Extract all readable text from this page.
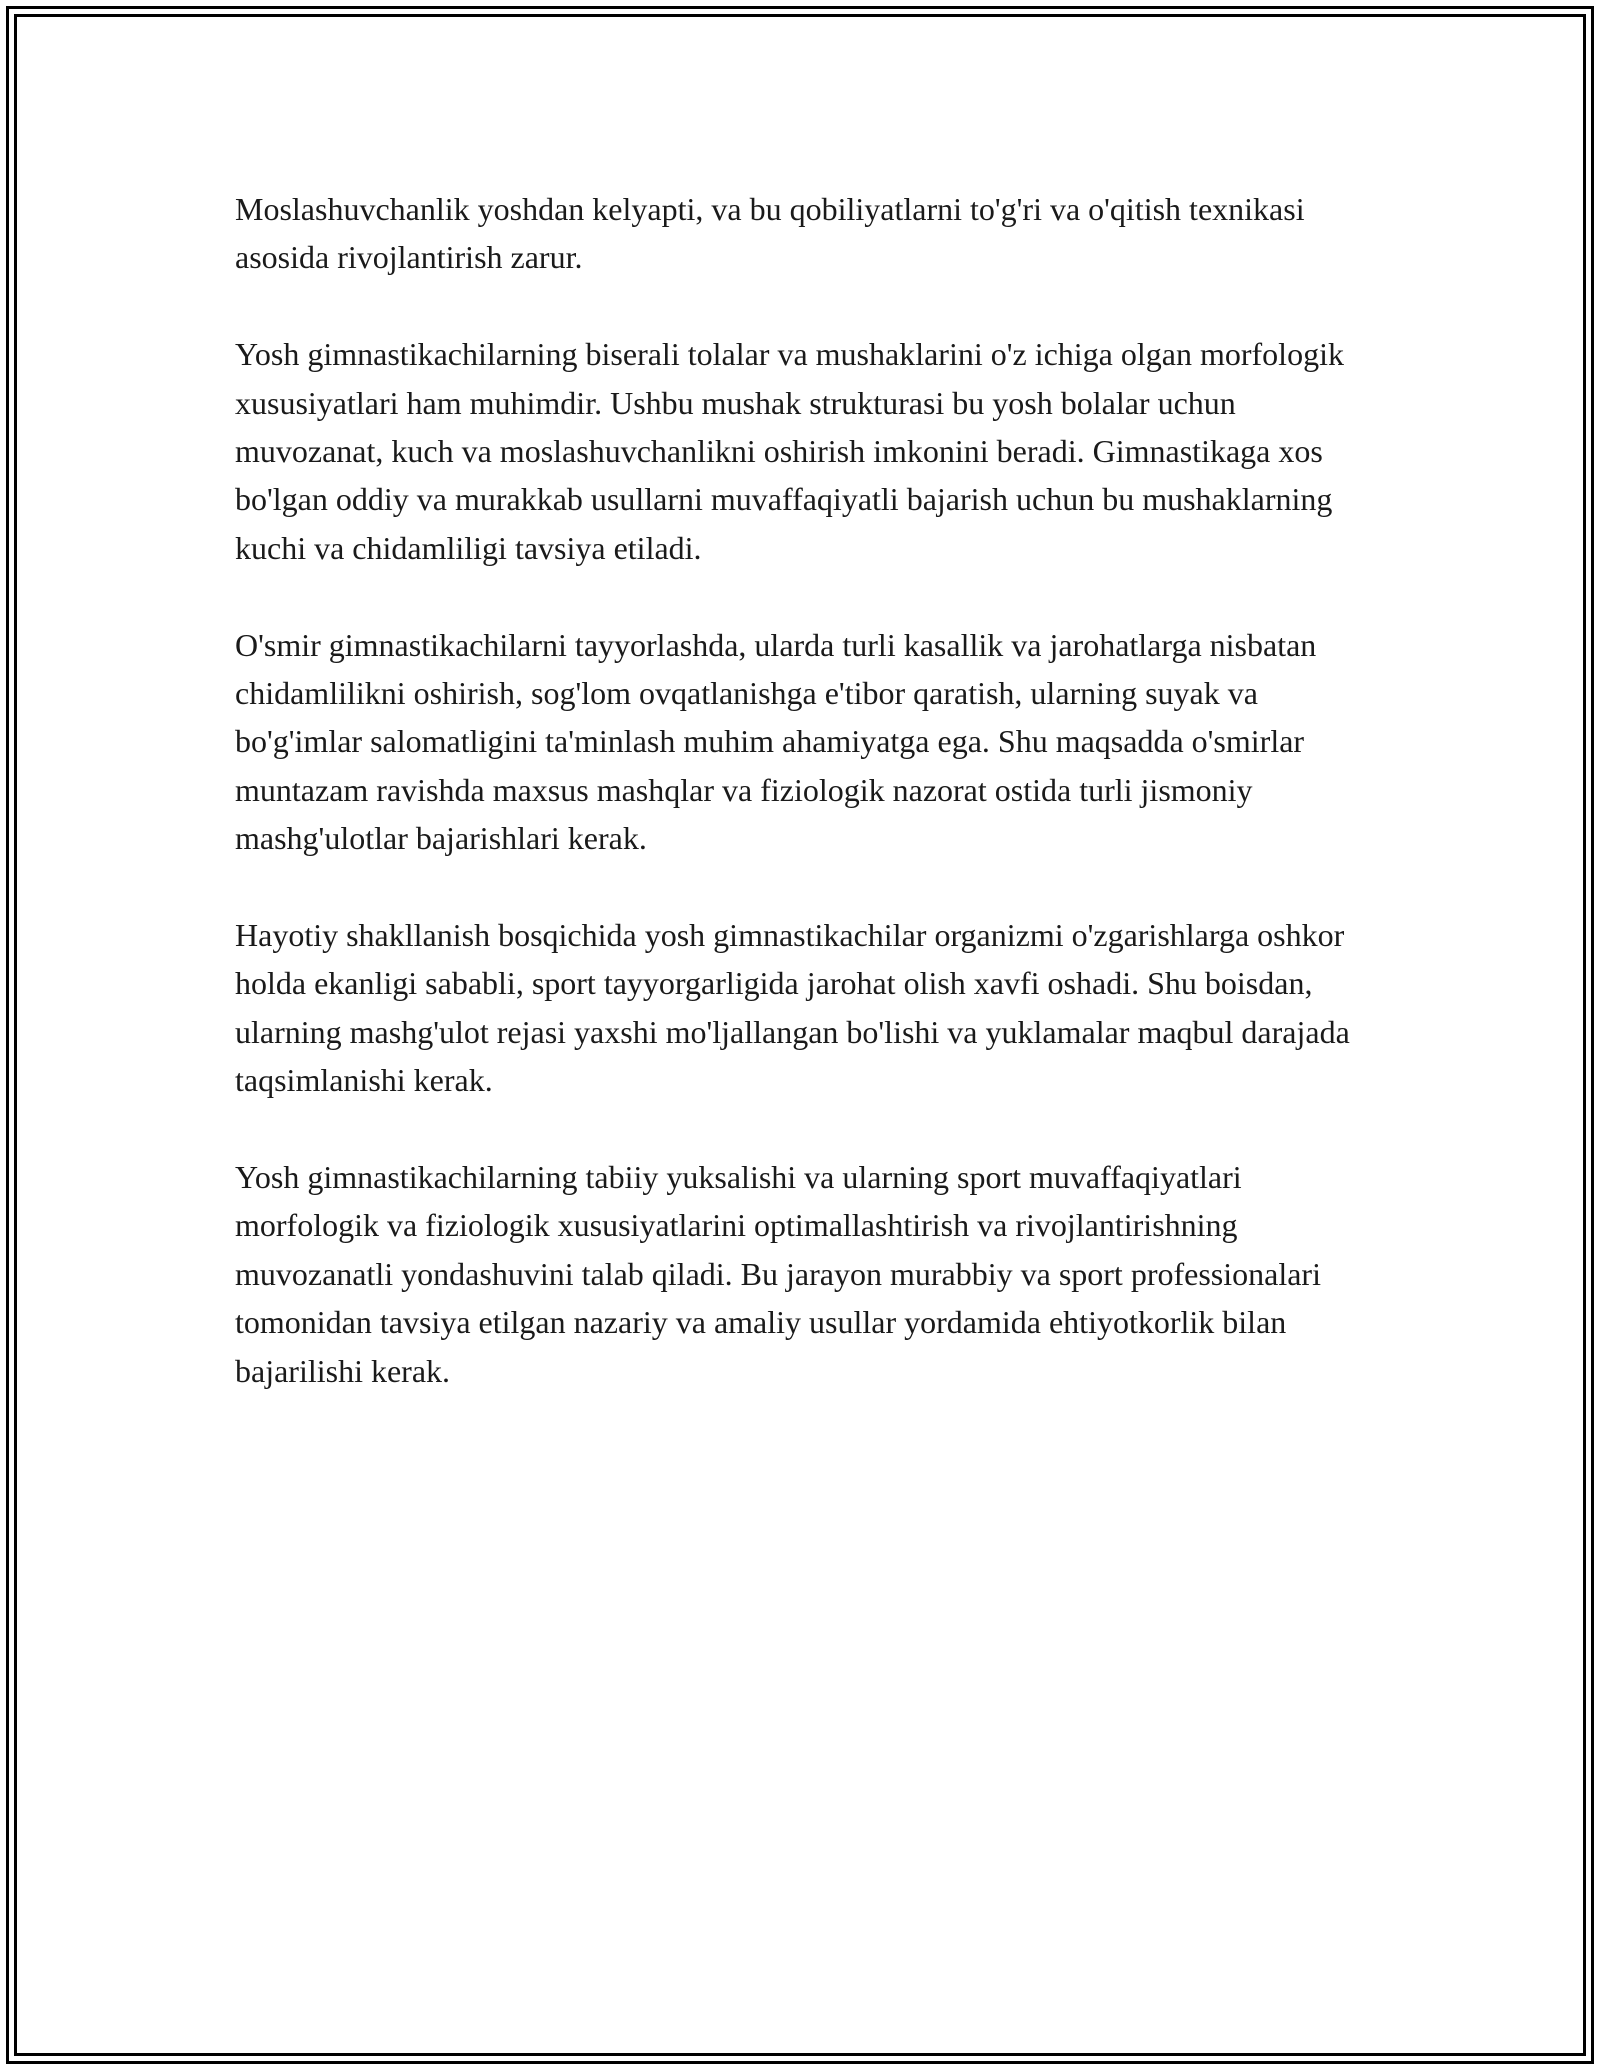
Moslashuvchanlik yoshdan kelyapti, va bu qobiliyatlarni to'g'ri va o'qitish texnikasi asosida rivojlantirish zarur.

Yosh gimnastikachilarning biserali tolalar va mushaklarini o'z ichiga olgan morfologik xususiyatlari ham muhimdir. Ushbu mushak strukturasi bu yosh bolalar uchun muvozanat, kuch va moslashuvchanlikni oshirish imkonini beradi. Gimnastikaga xos bo'lgan oddiy va murakkab usullarni muvaffaqiyatli bajarish uchun bu mushaklarning kuchi va chidamliligi tavsiya etiladi.

O'smir gimnastikachilarni tayyorlashda, ularda turli kasallik va jarohatlarga nisbatan chidamlilikni oshirish, sog'lom ovqatlanishga e'tibor qaratish, ularning suyak va bo'g'imlar salomatligini ta'minlash muhim ahamiyatga ega. Shu maqsadda o'smirlar muntazam ravishda maxsus mashqlar va fiziologik nazorat ostida turli jismoniy mashg'ulotlar bajarishlari kerak.

Hayotiy shakllanish bosqichida yosh gimnastikachilar organizmi o'zgarishlarga oshkor holda ekanligi sababli, sport tayyorgarligida jarohat olish xavfi oshadi. Shu boisdan, ularning mashg'ulot rejasi yaxshi mo'ljallangan bo'lishi va yuklamalar maqbul darajada taqsimlanishi kerak.

Yosh gimnastikachilarning tabiiy yuksalishi va ularning sport muvaffaqiyatlari morfologik va fiziologik xususiyatlarini optimallashtirish va rivojlantirishning muvozanatli yondashuvini talab qiladi. Bu jarayon murabbiy va sport professionalari tomonidan tavsiya etilgan nazariy va amaliy usullar yordamida ehtiyotkorlik bilan bajarilishi kerak.
